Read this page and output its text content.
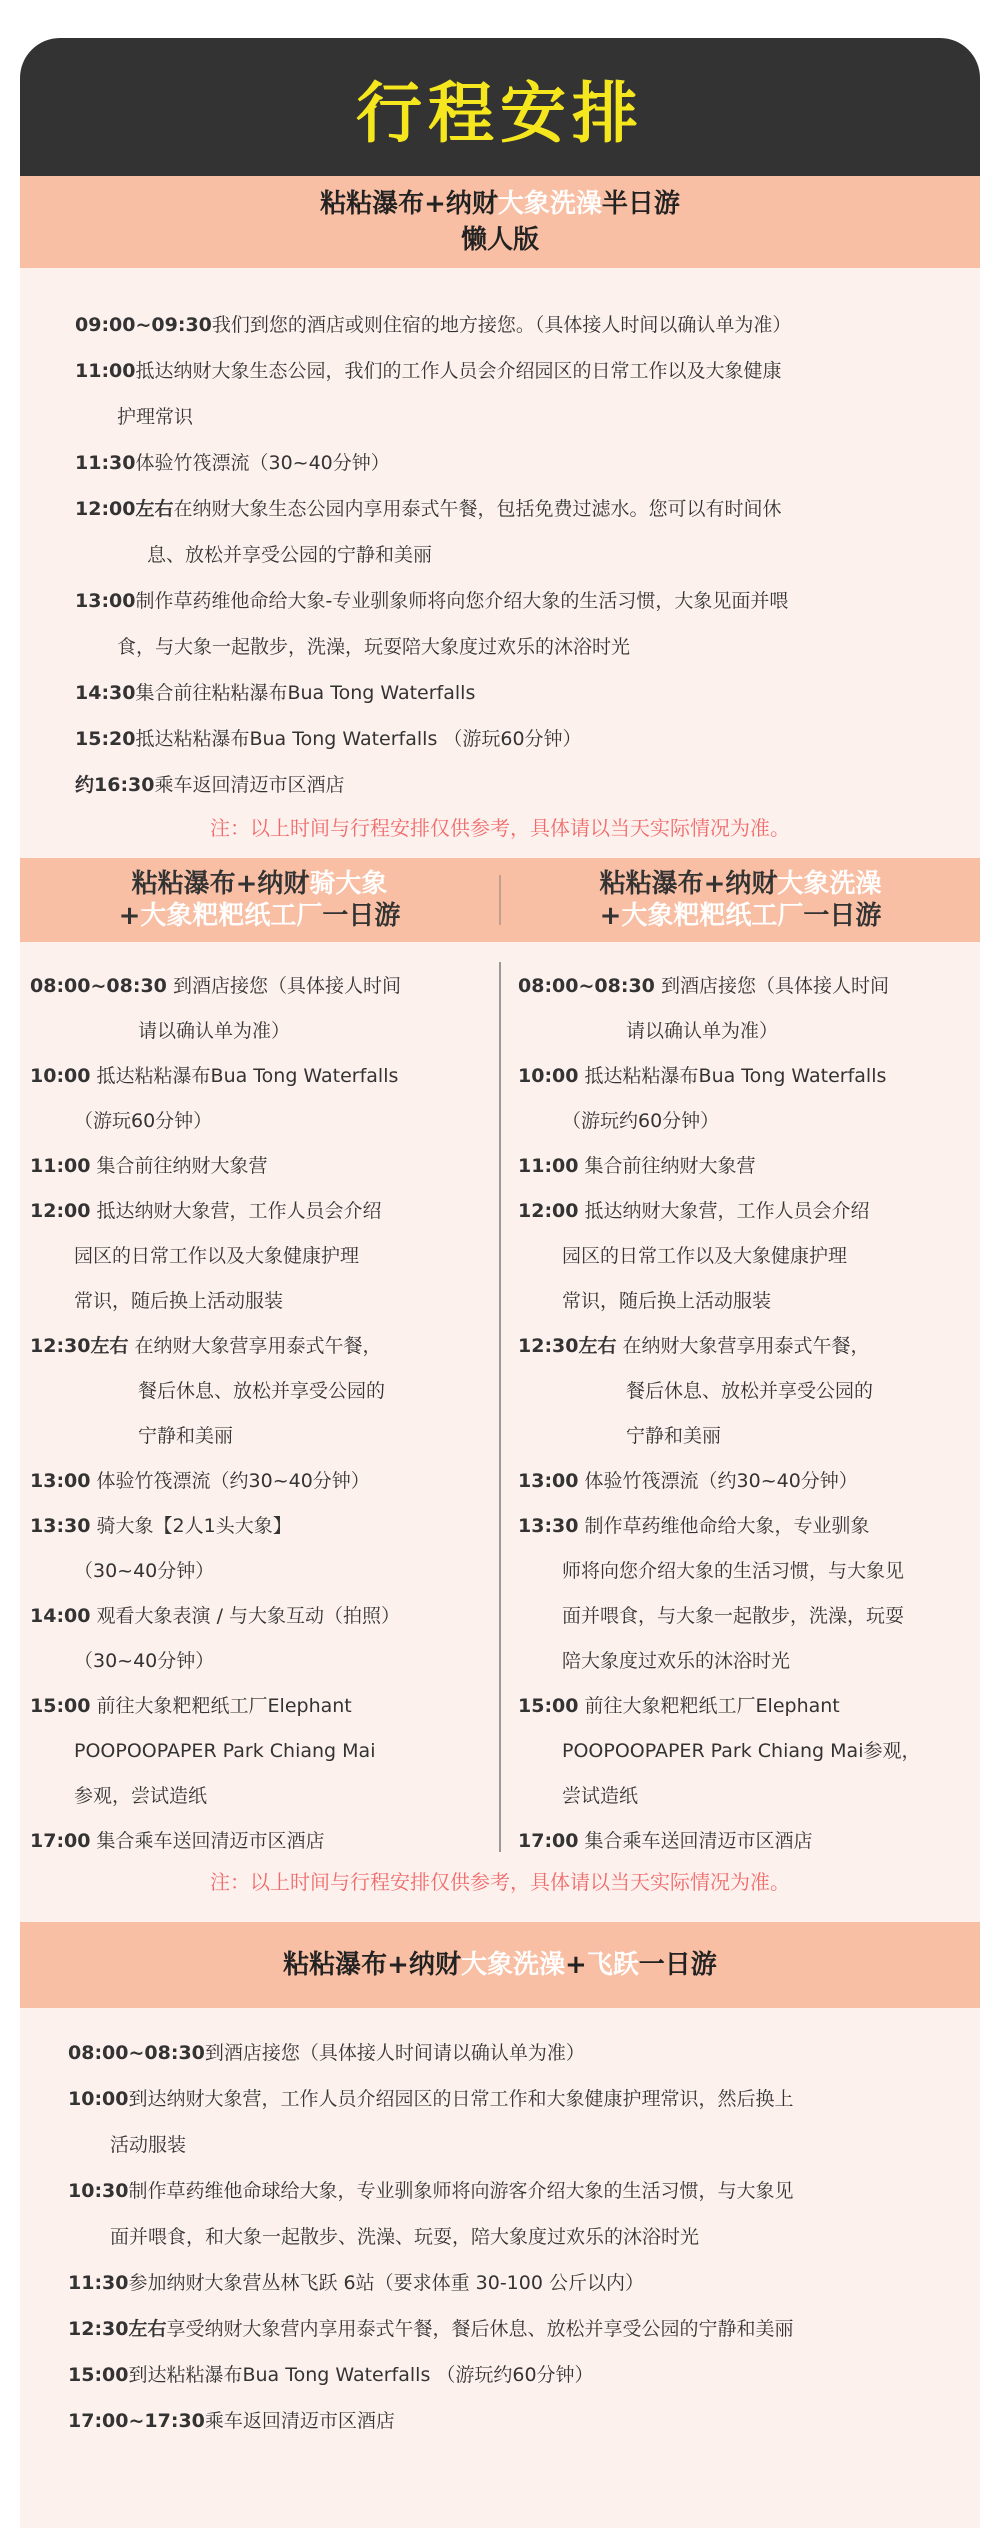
行程安排
粘粘瀑布+纳财大象洗澡半日游
懒人版
09:00~09:30 我们到您的酒店或则住宿的地方接您。（具体接人时间以确认单为准）
11:00 抵达纳财大象生态公园，我们的工作人员会介绍园区的日常工作以及大象健康
护理常识
11:30 体验竹筏漂流（30~40分钟）
12:00左右 在纳财大象生态公园内享用泰式午餐，包括免费过滤水。您可以有时间休
息、放松并享受公园的宁静和美丽
13:00 制作草药维他命给大象-专业驯象师将向您介绍大象的生活习惯，大象见面并喂
食，与大象一起散步，洗澡，玩耍陪大象度过欢乐的沐浴时光
14:30 集合前往粘粘瀑布Bua Tong Waterfalls
15:20 抵达粘粘瀑布Bua Tong Waterfalls （游玩60分钟）
约16:30 乘车返回清迈市区酒店
注：以上时间与行程安排仅供参考，具体请以当天实际情况为准。
粘粘瀑布+纳财骑大象
+大象粑粑纸工厂一日游
粘粘瀑布+纳财大象洗澡
+大象粑粑纸工厂一日游
08:00~08:30 到酒店接您（具体接人时间
请以确认单为准）
10:00 抵达粘粘瀑布Bua Tong Waterfalls
（游玩60分钟）
11:00 集合前往纳财大象营
12:00 抵达纳财大象营，工作人员会介绍
园区的日常工作以及大象健康护理
常识，随后换上活动服装
12:30左右 在纳财大象营享用泰式午餐，
餐后休息、放松并享受公园的
宁静和美丽
13:00 体验竹筏漂流（约30~40分钟）
13:30 骑大象【2人1头大象】
（30~40分钟）
14:00 观看大象表演 / 与大象互动（拍照）
（30~40分钟）
15:00 前往大象粑粑纸工厂Elephant
POOPOOPAPER Park Chiang Mai
参观，尝试造纸
17:00 集合乘车送回清迈市区酒店
08:00~08:30 到酒店接您（具体接人时间
请以确认单为准）
10:00 抵达粘粘瀑布Bua Tong Waterfalls
（游玩约60分钟）
11:00 集合前往纳财大象营
12:00 抵达纳财大象营，工作人员会介绍
园区的日常工作以及大象健康护理
常识，随后换上活动服装
12:30左右 在纳财大象营享用泰式午餐，
餐后休息、放松并享受公园的
宁静和美丽
13:00 体验竹筏漂流（约30~40分钟）
13:30 制作草药维他命给大象，专业驯象
师将向您介绍大象的生活习惯，与大象见
面并喂食，与大象一起散步，洗澡，玩耍
陪大象度过欢乐的沐浴时光
15:00 前往大象粑粑纸工厂Elephant
POOPOOPAPER Park Chiang Mai参观，
尝试造纸
17:00 集合乘车送回清迈市区酒店
注：以上时间与行程安排仅供参考，具体请以当天实际情况为准。
粘粘瀑布+纳财大象洗澡+飞跃一日游
08:00~08:30 到酒店接您（具体接人时间请以确认单为准）
10:00 到达纳财大象营，工作人员介绍园区的日常工作和大象健康护理常识，然后换上
活动服装
10:30 制作草药维他命球给大象，专业驯象师将向游客介绍大象的生活习惯，与大象见
面并喂食，和大象一起散步、洗澡、玩耍，陪大象度过欢乐的沐浴时光
11:30 参加纳财大象营丛林飞跃 6站（要求体重 30-100 公斤以内）
12:30左右 享受纳财大象营内享用泰式午餐，餐后休息、放松并享受公园的宁静和美丽
15:00 到达粘粘瀑布Bua Tong Waterfalls （游玩约60分钟）
17:00~17:30 乘车返回清迈市区酒店
